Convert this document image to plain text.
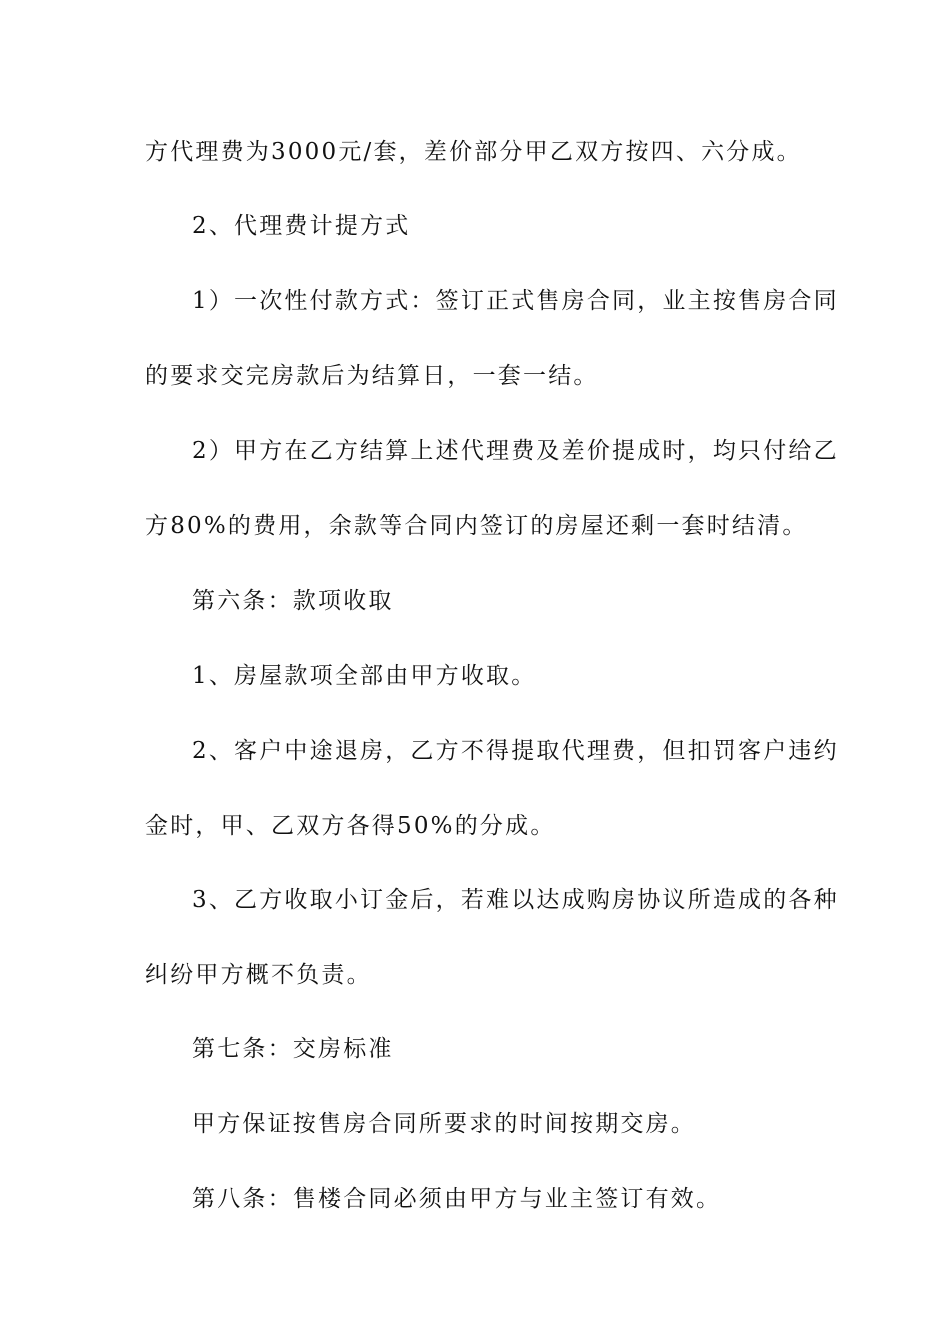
方代理费为3000元/套，差价部分甲乙双方按四、六分成。
2、代理费计提方式
1）一次性付款方式：签订正式售房合同，业主按售房合同
的要求交完房款后为结算日，一套一结。
2）甲方在乙方结算上述代理费及差价提成时，均只付给乙
方80%的费用，余款等合同内签订的房屋还剩一套时结清。
第六条：款项收取
1、房屋款项全部由甲方收取。
2、客户中途退房，乙方不得提取代理费，但扣罚客户违约
金时，甲、乙双方各得50%的分成。
3、乙方收取小订金后，若难以达成购房协议所造成的各种
纠纷甲方概不负责。
第七条：交房标准
甲方保证按售房合同所要求的时间按期交房。
第八条：售楼合同必须由甲方与业主签订有效。
